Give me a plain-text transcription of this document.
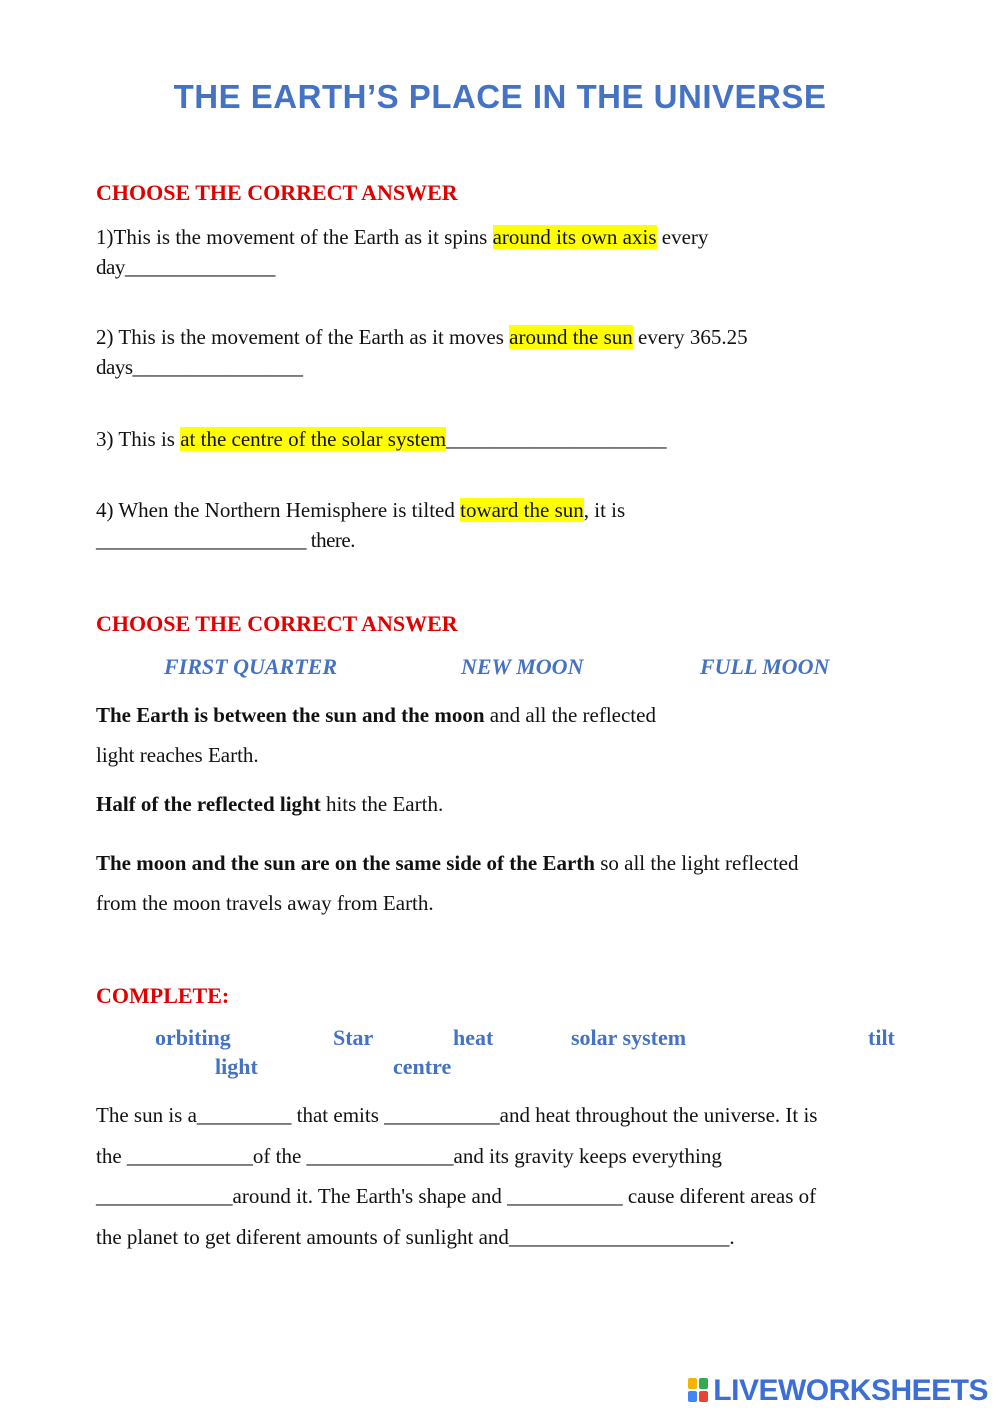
THE EARTH’S PLACE IN THE UNIVERSE
CHOOSE THE CORRECT ANSWER
1)This is the movement of the Earth as it spins around its own axis every
day_______________
2) This is the movement of the Earth as it moves around the sun every 365.25
days_________________
3) This is at the centre of the solar system______________________
4) When the Northern Hemisphere is tilted toward the sun, it is
_____________________ there.
CHOOSE THE CORRECT ANSWER
FIRST QUARTER	NEW MOON	FULL MOON
The Earth is between the sun and the moon and all the reflected
light reaches Earth.
Half of the reflected light hits the Earth.
The moon and the sun are on the same side of the Earth so all the light reflected
from the moon travels away from Earth.
COMPLETE:
orbiting	Star	heat	solar system	tilt
light	centre
The sun is a_________ that emits ___________and heat throughout the universe. It is
the ____________of the ______________and its gravity keeps everything
_____________around it. The Earth's shape and ___________ cause diferent areas of
the planet to get diferent amounts of sunlight and_____________________.
LIVEWORKSHEETS
